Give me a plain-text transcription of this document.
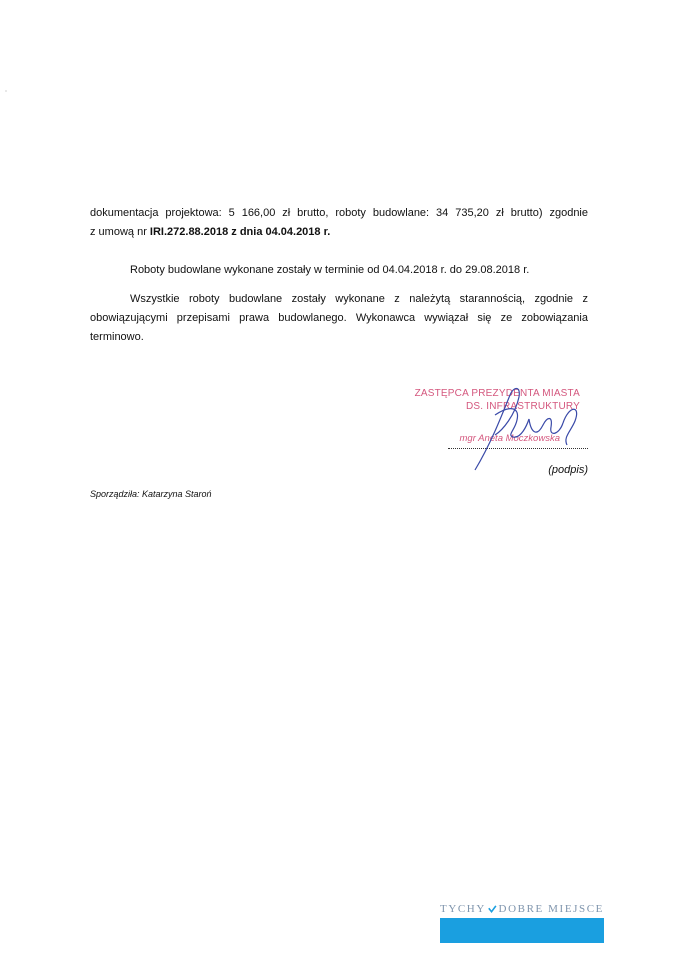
dokumentacja projektowa: 5 166,00 zł brutto, roboty budowlane: 34 735,20 zł brutto) zgodnie

z umową nr IRI.272.88.2018 z dnia 04.04.2018 r.

Roboty budowlane wykonane zostały w terminie od 04.04.2018 r. do 29.08.2018 r.

Wszystkie roboty budowlane zostały wykonane z należytą starannością, zgodnie z obowiązującymi przepisami prawa budowlanego. Wykonawca wywiązał się ze zobowiązania terminowo.

ZASTĘPCA PREZYDENTA MIASTA
DS. INFRASTRUKTURY
mgr Aneta Moczkowska
(podpis)

Sporządziła: Katarzyna Staroń

TYCHY DOBRE MIEJSCE
